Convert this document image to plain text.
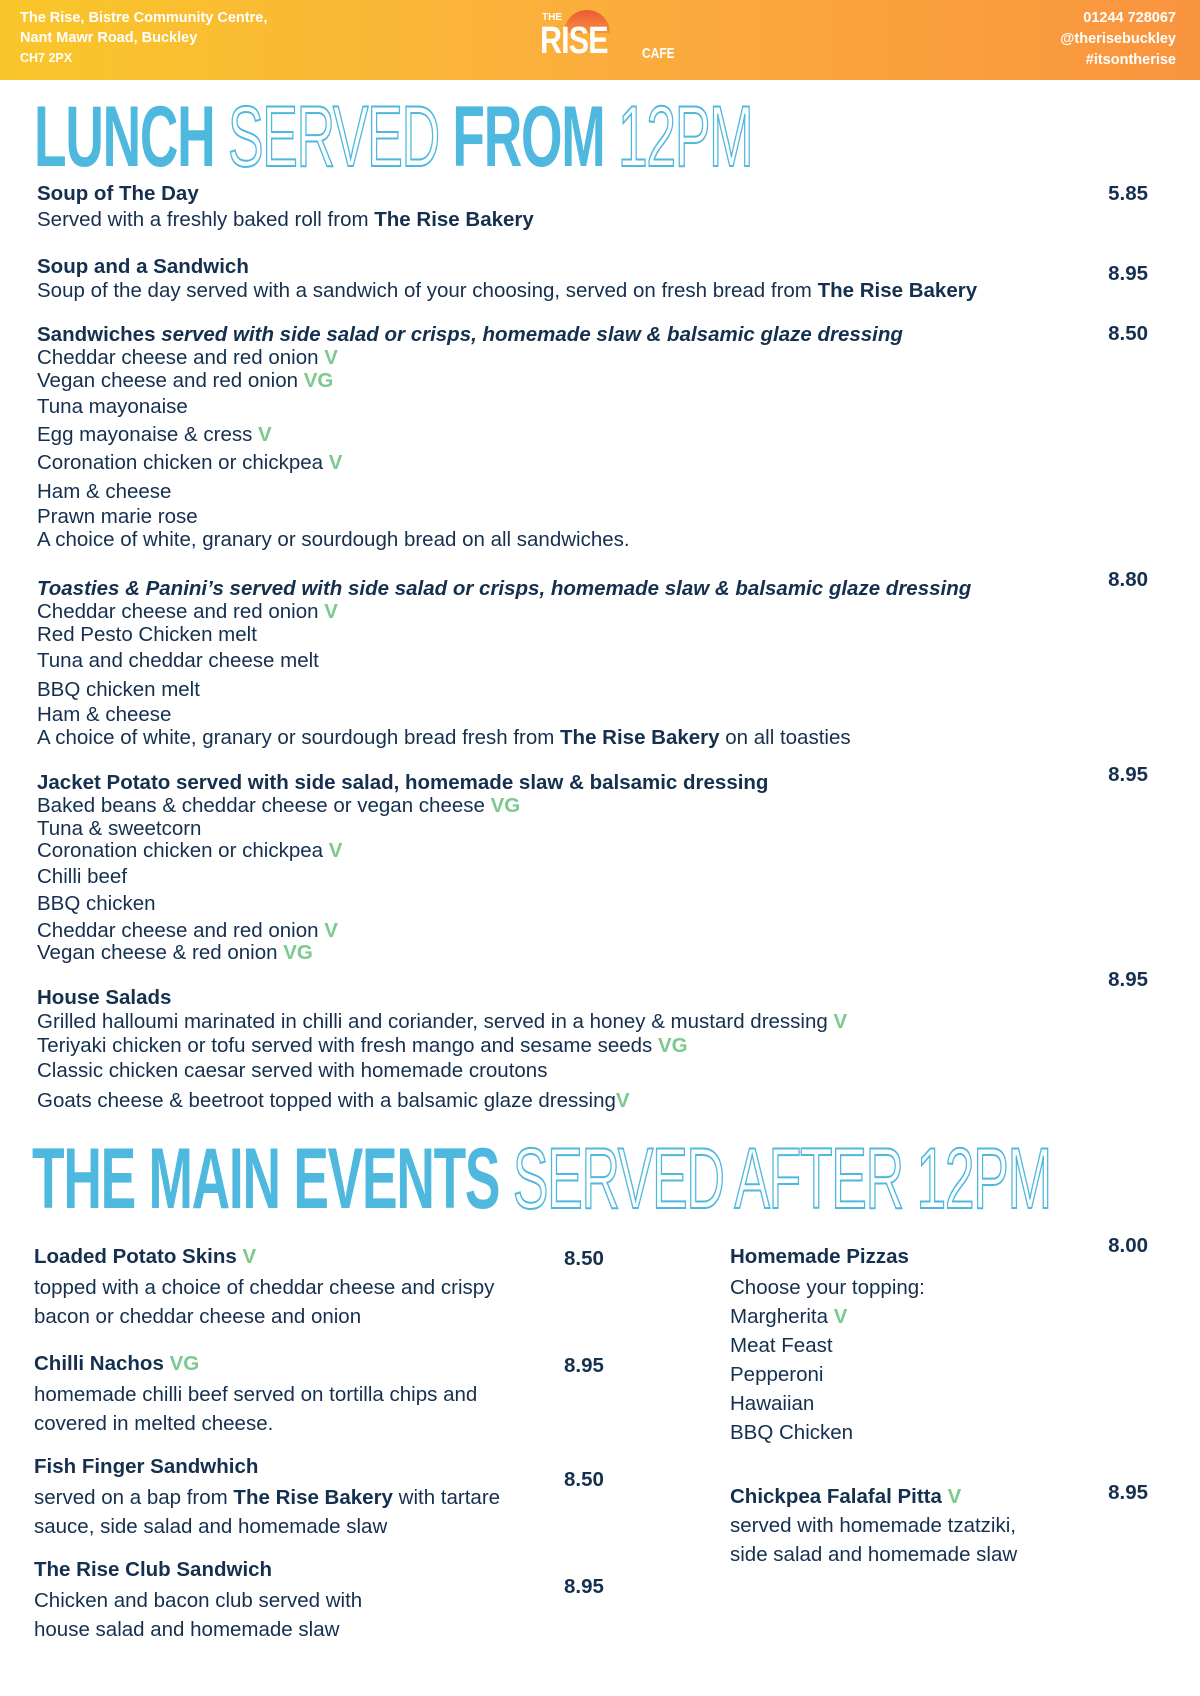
The Rise, Bistre Community Centre,
Nant Mawr Road, Buckley
CH7 2PX
THE
RISE CAFE
01244 728067
@therisebuckley
#itsontherise
LUNCH SERVED FROM 12PM
Soup of The Day
Served with a freshly baked roll from The Rise Bakery
5.85
Soup and a Sandwich
Soup of the day served with a sandwich of your choosing, served on fresh bread from The Rise Bakery
8.95
Sandwiches served with side salad or crisps, homemade slaw & balsamic glaze dressing
Cheddar cheese and red onion V
Vegan cheese and red onion VG
Tuna mayonaise
Egg mayonaise & cress V
Coronation chicken or chickpea V
Ham & cheese
Prawn marie rose
A choice of white, granary or sourdough bread on all sandwiches.
8.50
Toasties & Panini’s served with side salad or crisps, homemade slaw & balsamic glaze dressing
Cheddar cheese and red onion V
Red Pesto Chicken melt
Tuna and cheddar cheese melt
BBQ chicken melt
Ham & cheese
A choice of white, granary or sourdough bread fresh from The Rise Bakery on all toasties
8.80
Jacket Potato served with side salad, homemade slaw & balsamic dressing
Baked beans & cheddar cheese or vegan cheese VG
Tuna & sweetcorn
Coronation chicken or chickpea V
Chilli beef
BBQ chicken
Cheddar cheese and red onion V
Vegan cheese & red onion VG
8.95
House Salads
Grilled halloumi marinated in chilli and coriander, served in a honey & mustard dressing V
Teriyaki chicken or tofu served with fresh mango and sesame seeds VG
Classic chicken caesar served with homemade croutons
Goats cheese & beetroot topped with a balsamic glaze dressingV
8.95
THE MAIN EVENTS SERVED AFTER 12PM
Loaded Potato Skins V
topped with a choice of cheddar cheese and crispy
bacon or cheddar cheese and onion
8.50
Chilli Nachos VG
homemade chilli beef served on tortilla chips and
covered in melted cheese.
8.95
Fish Finger Sandwhich
served on a bap from The Rise Bakery with tartare
sauce, side salad and homemade slaw
8.50
The Rise Club Sandwich
Chicken and bacon club served with
house salad and homemade slaw
8.95
Homemade Pizzas
Choose your topping:
Margherita V
Meat Feast
Pepperoni
Hawaiian
BBQ Chicken
8.00
Chickpea Falafal Pitta V
served with homemade tzatziki,
side salad and homemade slaw
8.95
